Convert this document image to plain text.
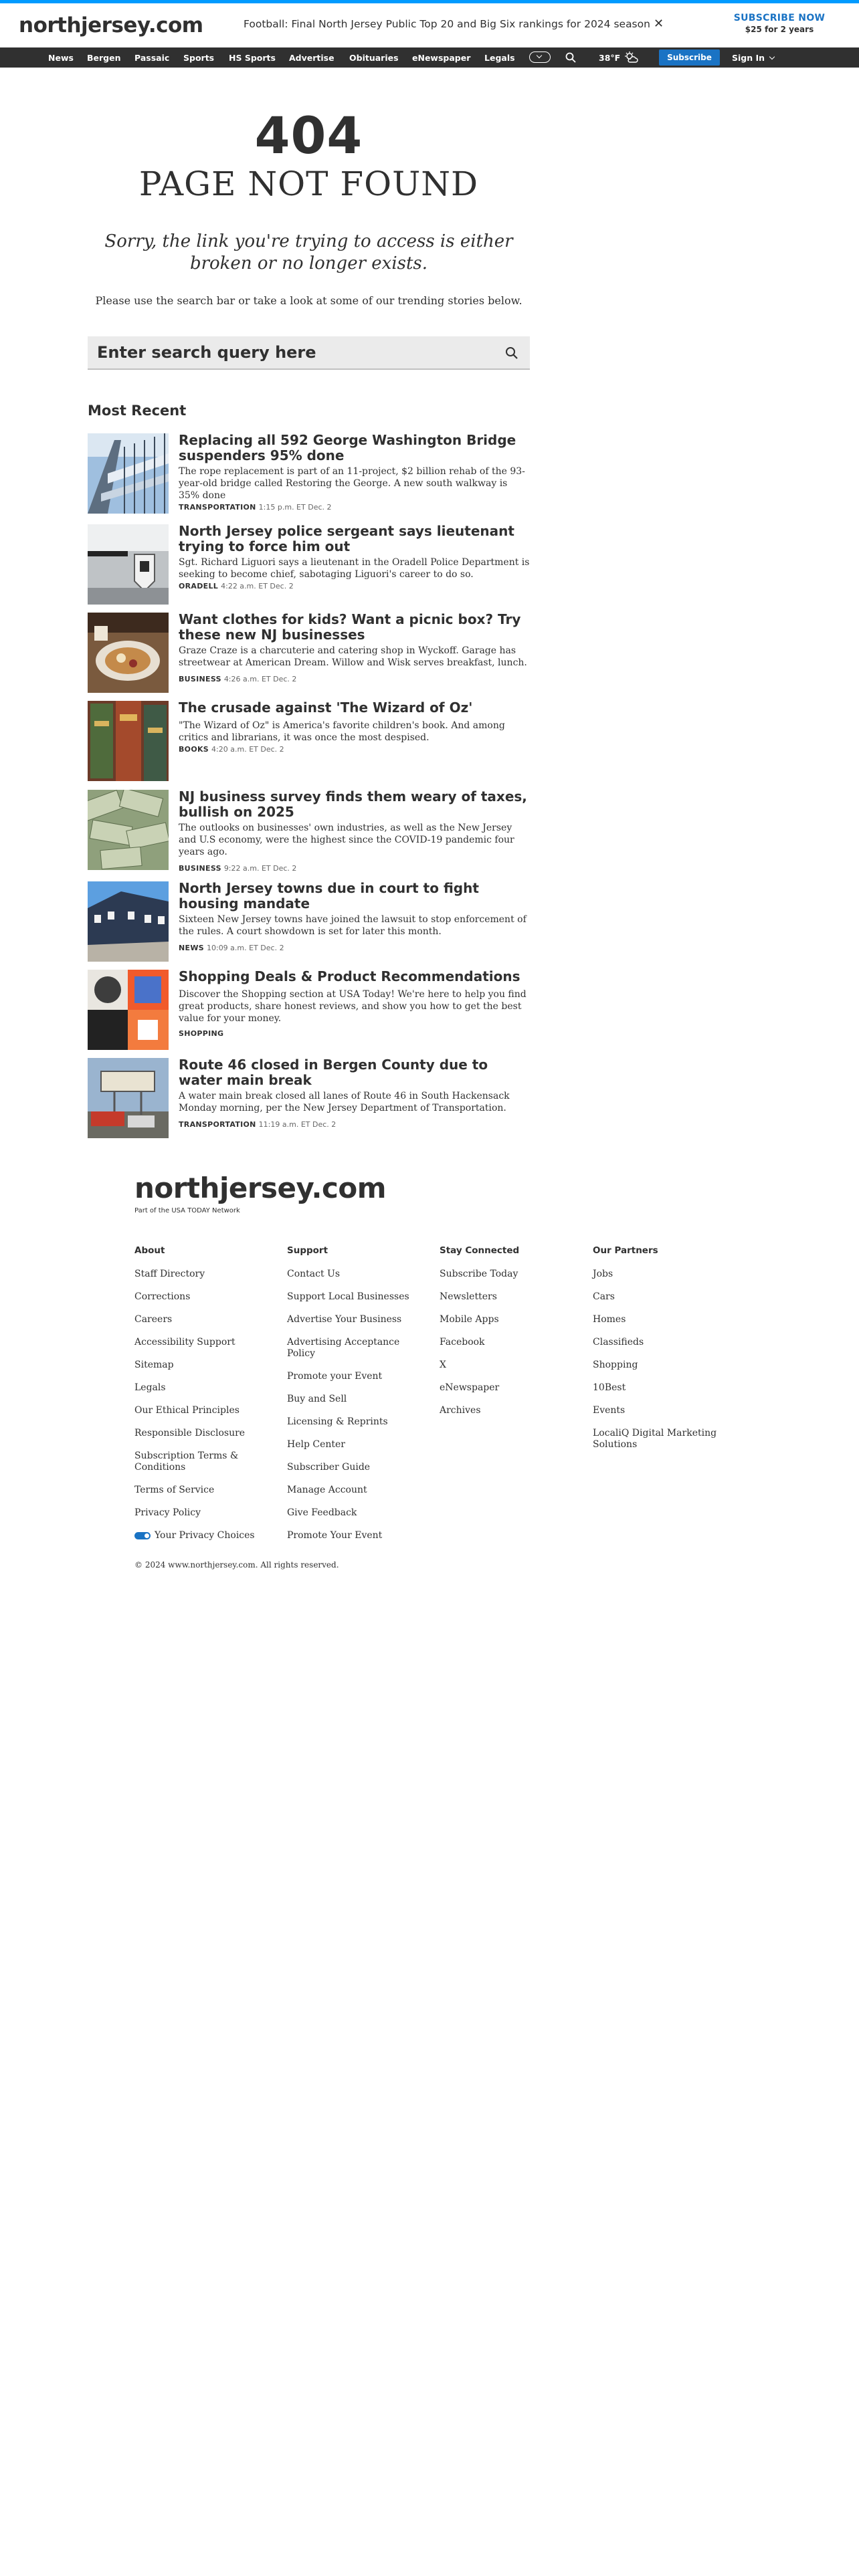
northjersey.com	Football: Final North Jersey Public Top 20 and Big Six rankings for 2024 season ✕	SUBSCRIBE NOW
$25 for 2 years
News Bergen Passaic Sports HS Sports Advertise Obituaries eNewspaper Legals	38°F	Subscribe	Sign In
404
PAGE NOT FOUND
Sorry, the link you're trying to access is either broken or no longer exists.
Please use the search bar or take a look at some of our trending stories below.
Enter search query here
Most Recent
Replacing all 592 George Washington Bridge suspenders 95% done
The rope replacement is part of an 11-project, $2 billion rehab of the 93-year-old bridge called Restoring the George. A new south walkway is 35% done
TRANSPORTATION 1:15 p.m. ET Dec. 2
North Jersey police sergeant says lieutenant trying to force him out
Sgt. Richard Liguori says a lieutenant in the Oradell Police Department is seeking to become chief, sabotaging Liguori's career to do so.
ORADELL 4:22 a.m. ET Dec. 2
Want clothes for kids? Want a picnic box? Try these new NJ businesses
Graze Craze is a charcuterie and catering shop in Wyckoff. Garage has streetwear at American Dream. Willow and Wisk serves breakfast, lunch.
BUSINESS 4:26 a.m. ET Dec. 2
The crusade against 'The Wizard of Oz'
"The Wizard of Oz" is America's favorite children's book. And among critics and librarians, it was once the most despised.
BOOKS 4:20 a.m. ET Dec. 2
NJ business survey finds them weary of taxes, bullish on 2025
The outlooks on businesses' own industries, as well as the New Jersey and U.S economy, were the highest since the COVID-19 pandemic four years ago.
BUSINESS 9:22 a.m. ET Dec. 2
North Jersey towns due in court to fight housing mandate
Sixteen New Jersey towns have joined the lawsuit to stop enforcement of the rules. A court showdown is set for later this month.
NEWS 10:09 a.m. ET Dec. 2
Shopping Deals & Product Recommendations
Discover the Shopping section at USA Today! We're here to help you find great products, share honest reviews, and show you how to get the best value for your money.
SHOPPING
Route 46 closed in Bergen County due to water main break
A water main break closed all lanes of Route 46 in South Hackensack Monday morning, per the New Jersey Department of Transportation.
TRANSPORTATION 11:19 a.m. ET Dec. 2
northjersey.com
Part of the USA TODAY Network
About
Staff Directory
Corrections
Careers
Accessibility Support
Sitemap
Legals
Our Ethical Principles
Responsible Disclosure
Subscription Terms & Conditions
Terms of Service
Privacy Policy
Your Privacy Choices
Support
Contact Us
Support Local Businesses
Advertise Your Business
Advertising Acceptance Policy
Promote your Event
Buy and Sell
Licensing & Reprints
Help Center
Subscriber Guide
Manage Account
Give Feedback
Promote Your Event
Stay Connected
Subscribe Today
Newsletters
Mobile Apps
Facebook
X
eNewspaper
Archives
Our Partners
Jobs
Cars
Homes
Classifieds
Shopping
10Best
Events
LocaliQ Digital Marketing Solutions
© 2024 www.northjersey.com. All rights reserved.
